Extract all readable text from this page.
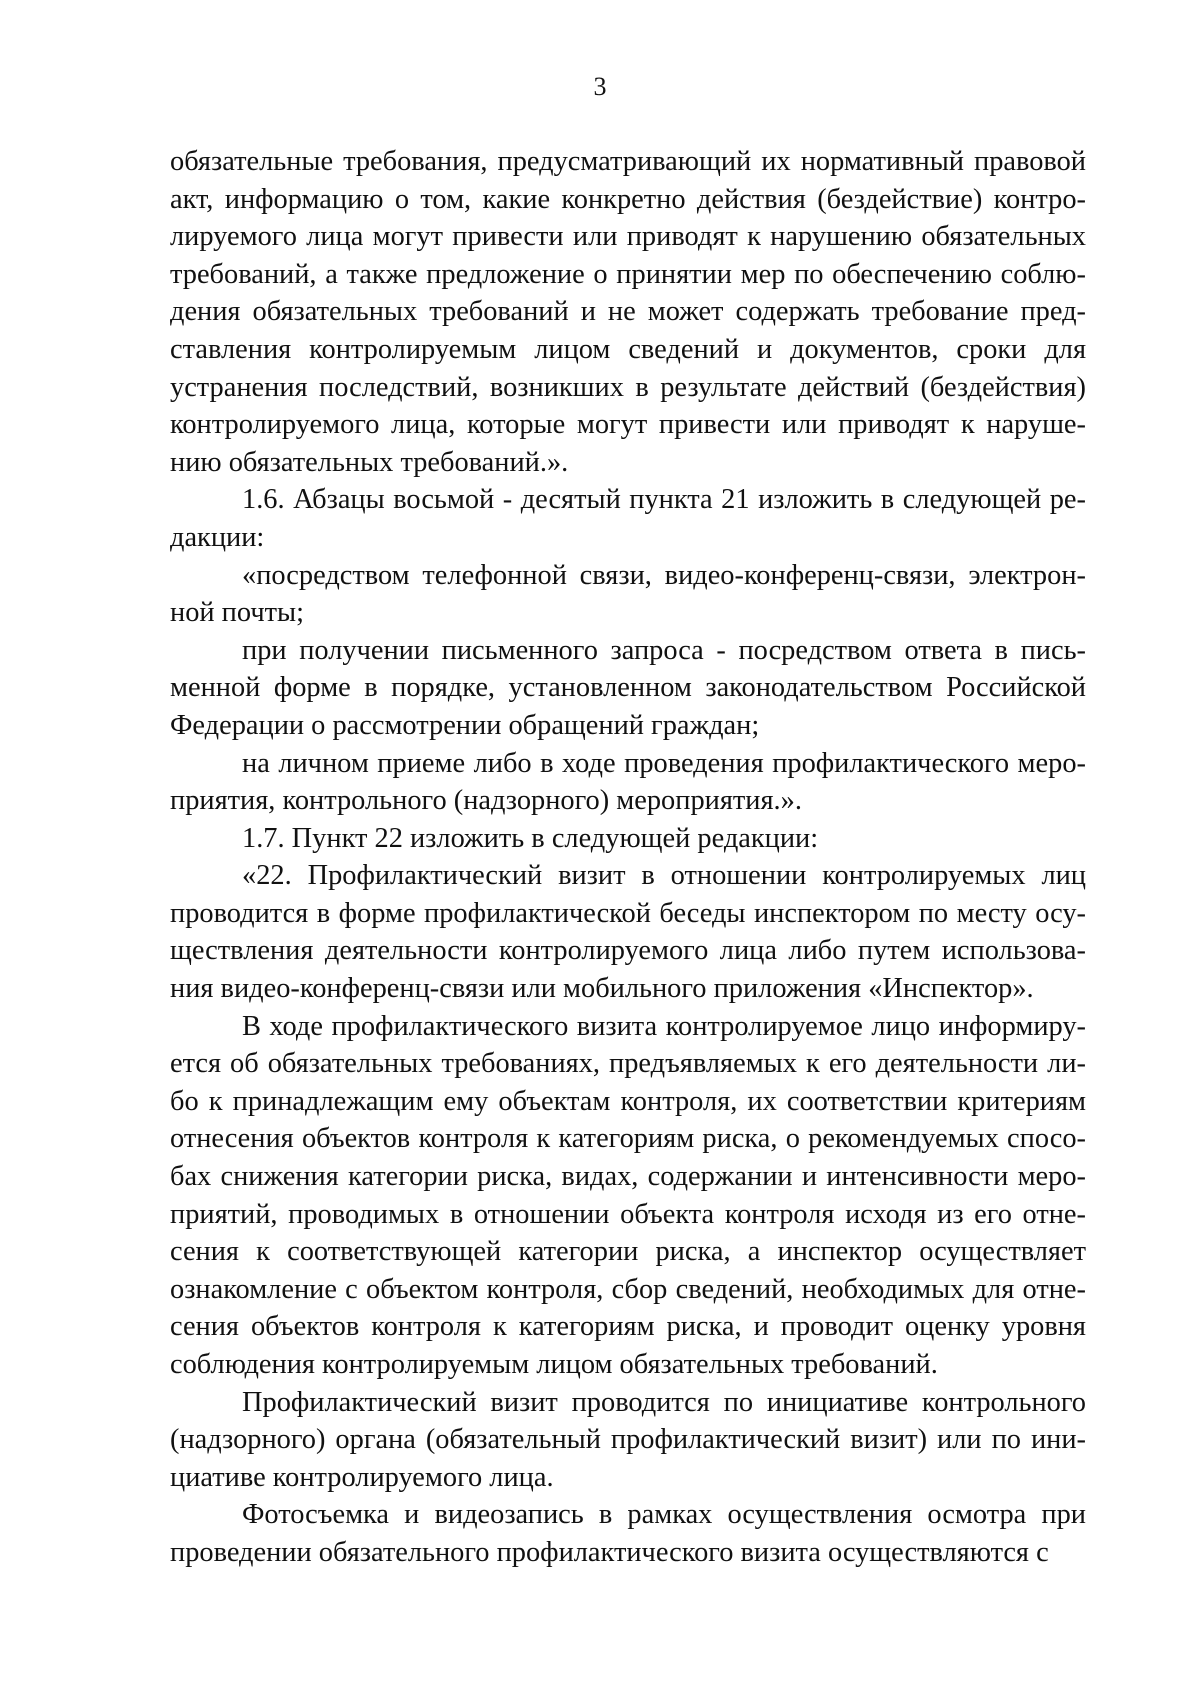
3

обязательные требования, предусматривающий их нормативный правовой акт, информацию о том, какие конкретно действия (бездействие) контролируемого лица могут привести или приводят к нарушению обязательных требований, а также предложение о принятии мер по обеспечению соблюдения обязательных требований и не может содержать требование представления контролируемым лицом сведений и документов, сроки для устранения последствий, возникших в результате действий (бездействия) контролируемого лица, которые могут привести или приводят к нарушению обязательных требований.».

1.6. Абзацы восьмой - десятый пункта 21 изложить в следующей редакции:

«посредством телефонной связи, видео-конференц-связи, электронной почты;

при получении письменного запроса - посредством ответа в письменной форме в порядке, установленном законодательством Российской Федерации о рассмотрении обращений граждан;

на личном приеме либо в ходе проведения профилактического мероприятия, контрольного (надзорного) мероприятия.».

1.7. Пункт 22 изложить в следующей редакции:

«22. Профилактический визит в отношении контролируемых лиц проводится в форме профилактической беседы инспектором по месту осуществления деятельности контролируемого лица либо путем использования видео-конференц-связи или мобильного приложения «Инспектор».

В ходе профилактического визита контролируемое лицо информируется об обязательных требованиях, предъявляемых к его деятельности либо к принадлежащим ему объектам контроля, их соответствии критериям отнесения объектов контроля к категориям риска, о рекомендуемых способах снижения категории риска, видах, содержании и интенсивности мероприятий, проводимых в отношении объекта контроля исходя из его отнесения к соответствующей категории риска, а инспектор осуществляет ознакомление с объектом контроля, сбор сведений, необходимых для отнесения объектов контроля к категориям риска, и проводит оценку уровня соблюдения контролируемым лицом обязательных требований.

Профилактический визит проводится по инициативе контрольного (надзорного) органа (обязательный профилактический визит) или по инициативе контролируемого лица.

Фотосъемка и видеозапись в рамках осуществления осмотра при проведении обязательного профилактического визита осуществляются с
